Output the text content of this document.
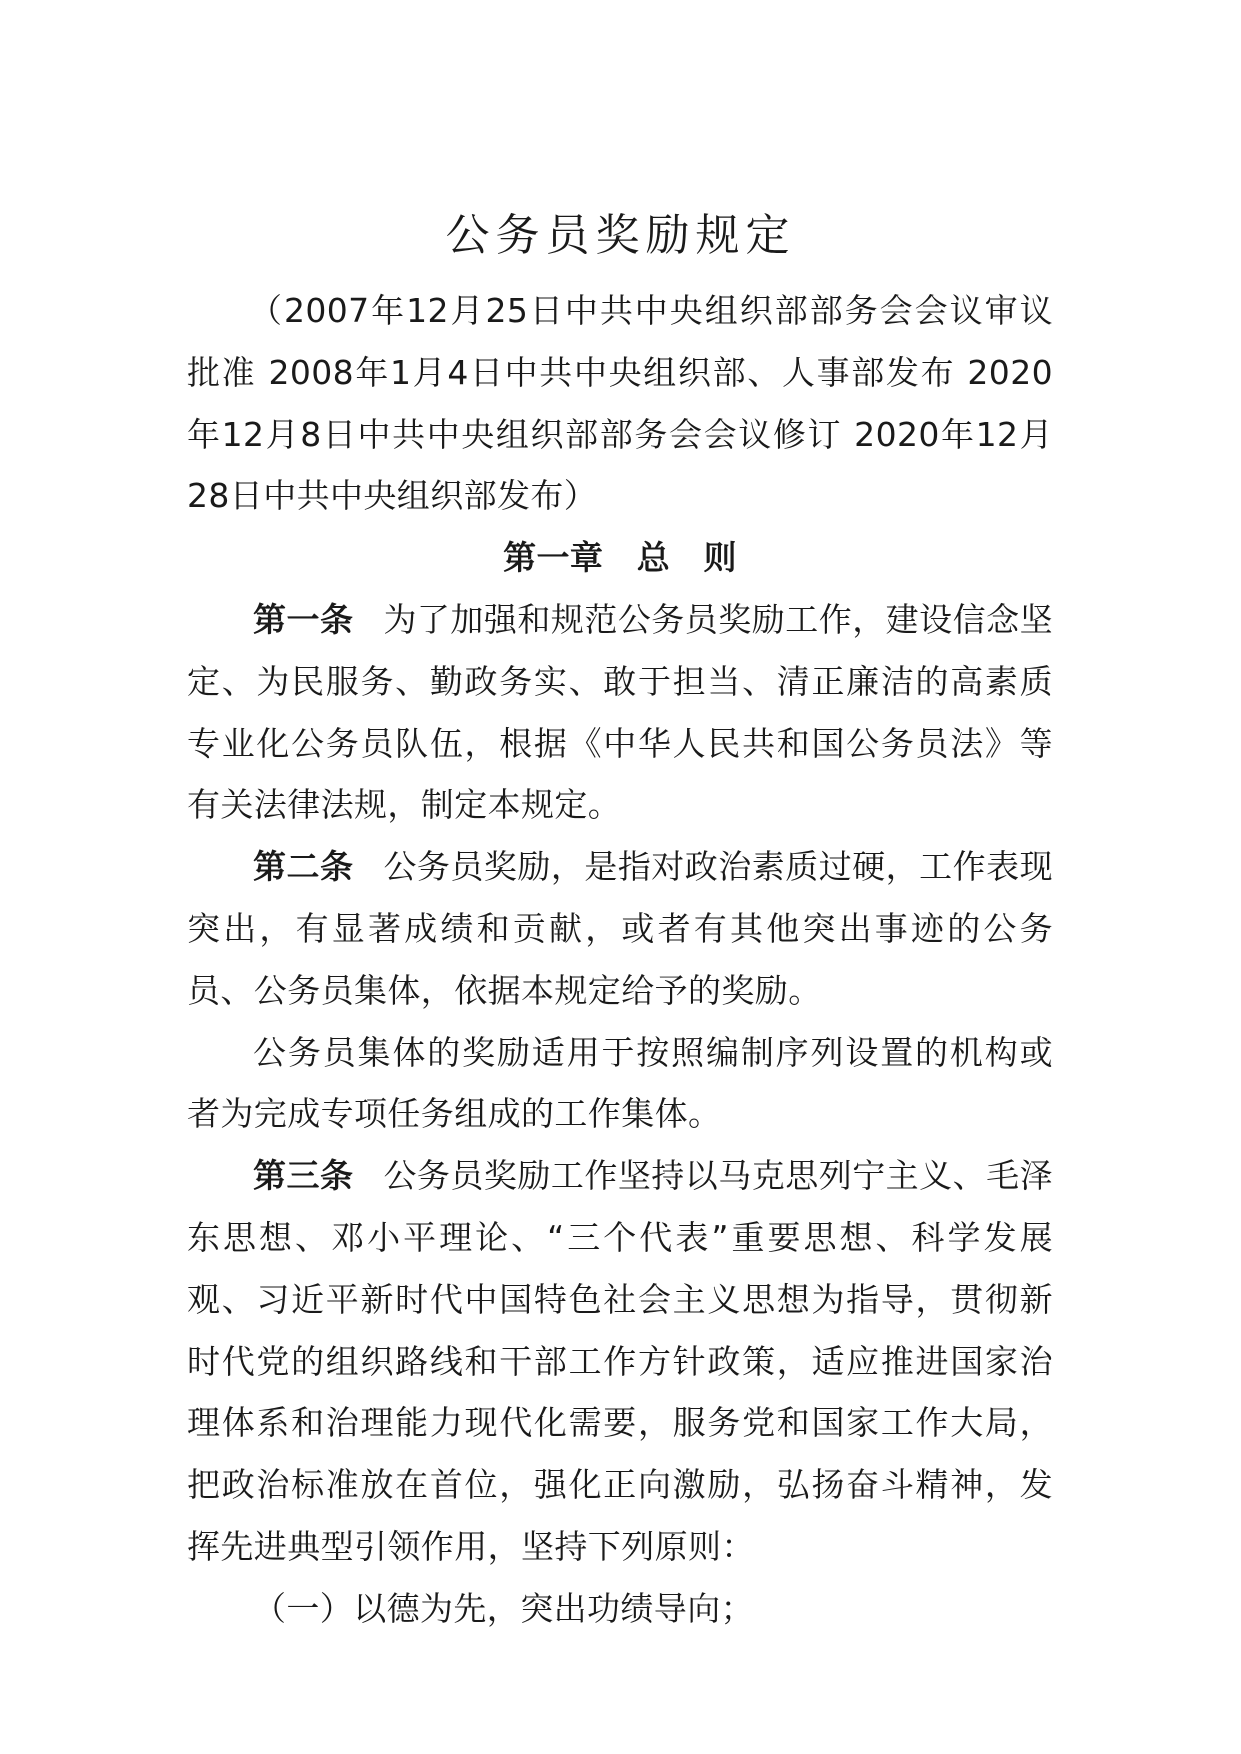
公务员奖励规定

（2007年12月25日中共中央组织部部务会会议审议批准 2008年1月4日中共中央组织部、人事部发布 2020年12月8日中共中央组织部部务会会议修订 2020年12月28日中共中央组织部发布）

第一章　总　则

第一条 为了加强和规范公务员奖励工作，建设信念坚定、为民服务、勤政务实、敢于担当、清正廉洁的高素质专业化公务员队伍，根据《中华人民共和国公务员法》等有关法律法规，制定本规定。

第二条 公务员奖励，是指对政治素质过硬，工作表现突出，有显著成绩和贡献，或者有其他突出事迹的公务员、公务员集体，依据本规定给予的奖励。

公务员集体的奖励适用于按照编制序列设置的机构或者为完成专项任务组成的工作集体。

第三条 公务员奖励工作坚持以马克思列宁主义、毛泽东思想、邓小平理论、“三个代表”重要思想、科学发展观、习近平新时代中国特色社会主义思想为指导，贯彻新时代党的组织路线和干部工作方针政策，适应推进国家治理体系和治理能力现代化需要，服务党和国家工作大局，把政治标准放在首位，强化正向激励，弘扬奋斗精神，发挥先进典型引领作用，坚持下列原则：

（一）以德为先，突出功绩导向；
